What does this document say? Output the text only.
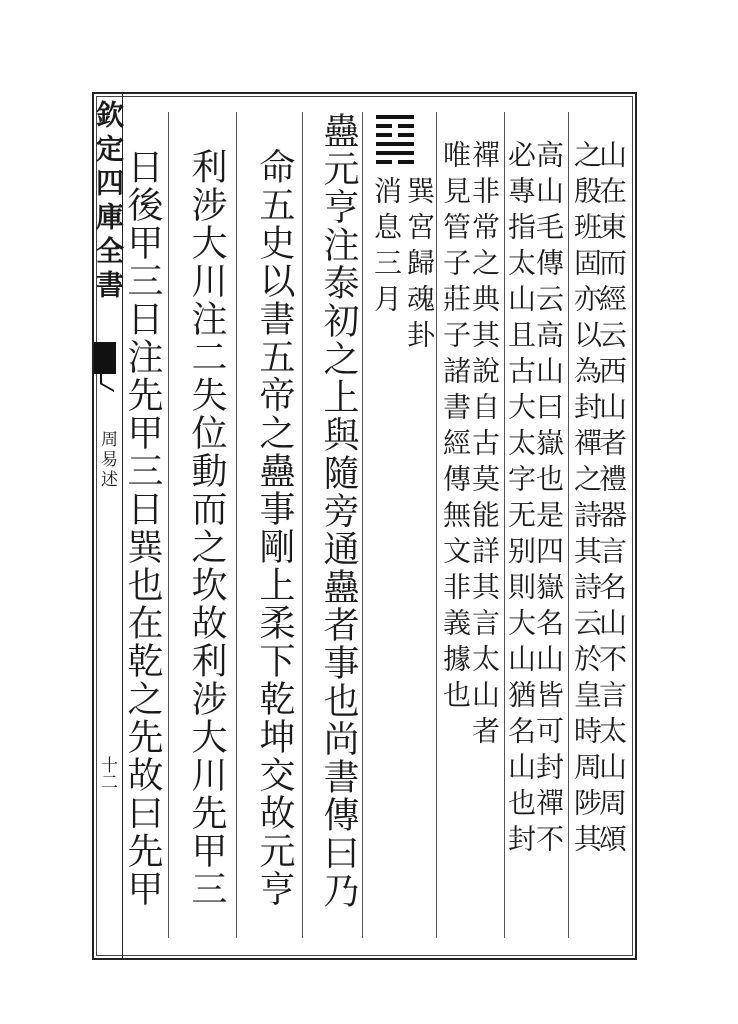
欽定四庫全書
周易述
十二	山在東而經云西山者禮器言名山不言太山周頌
之殷班固亦以為封禪之詩其詩云於皇時周陟其
高山毛傳云高山曰嶽也是四嶽名山皆可封禪不
必專指太山且古大太字无别則大山猶名山也封
禪非常之典其說自古莫能詳其言太山者
唯見管子莊子諸書經傳無文非義據也
巽宮歸魂卦
消息三月
蠱元亨注泰初之上與隨旁通蠱者事也尚書傳曰乃
命五史以書五帝之蠱事剛上柔下乾坤交故元亨
利涉大川注二失位動而之坎故利涉大川先甲三
日後甲三日注先甲三日巽也在乾之先故曰先甲
